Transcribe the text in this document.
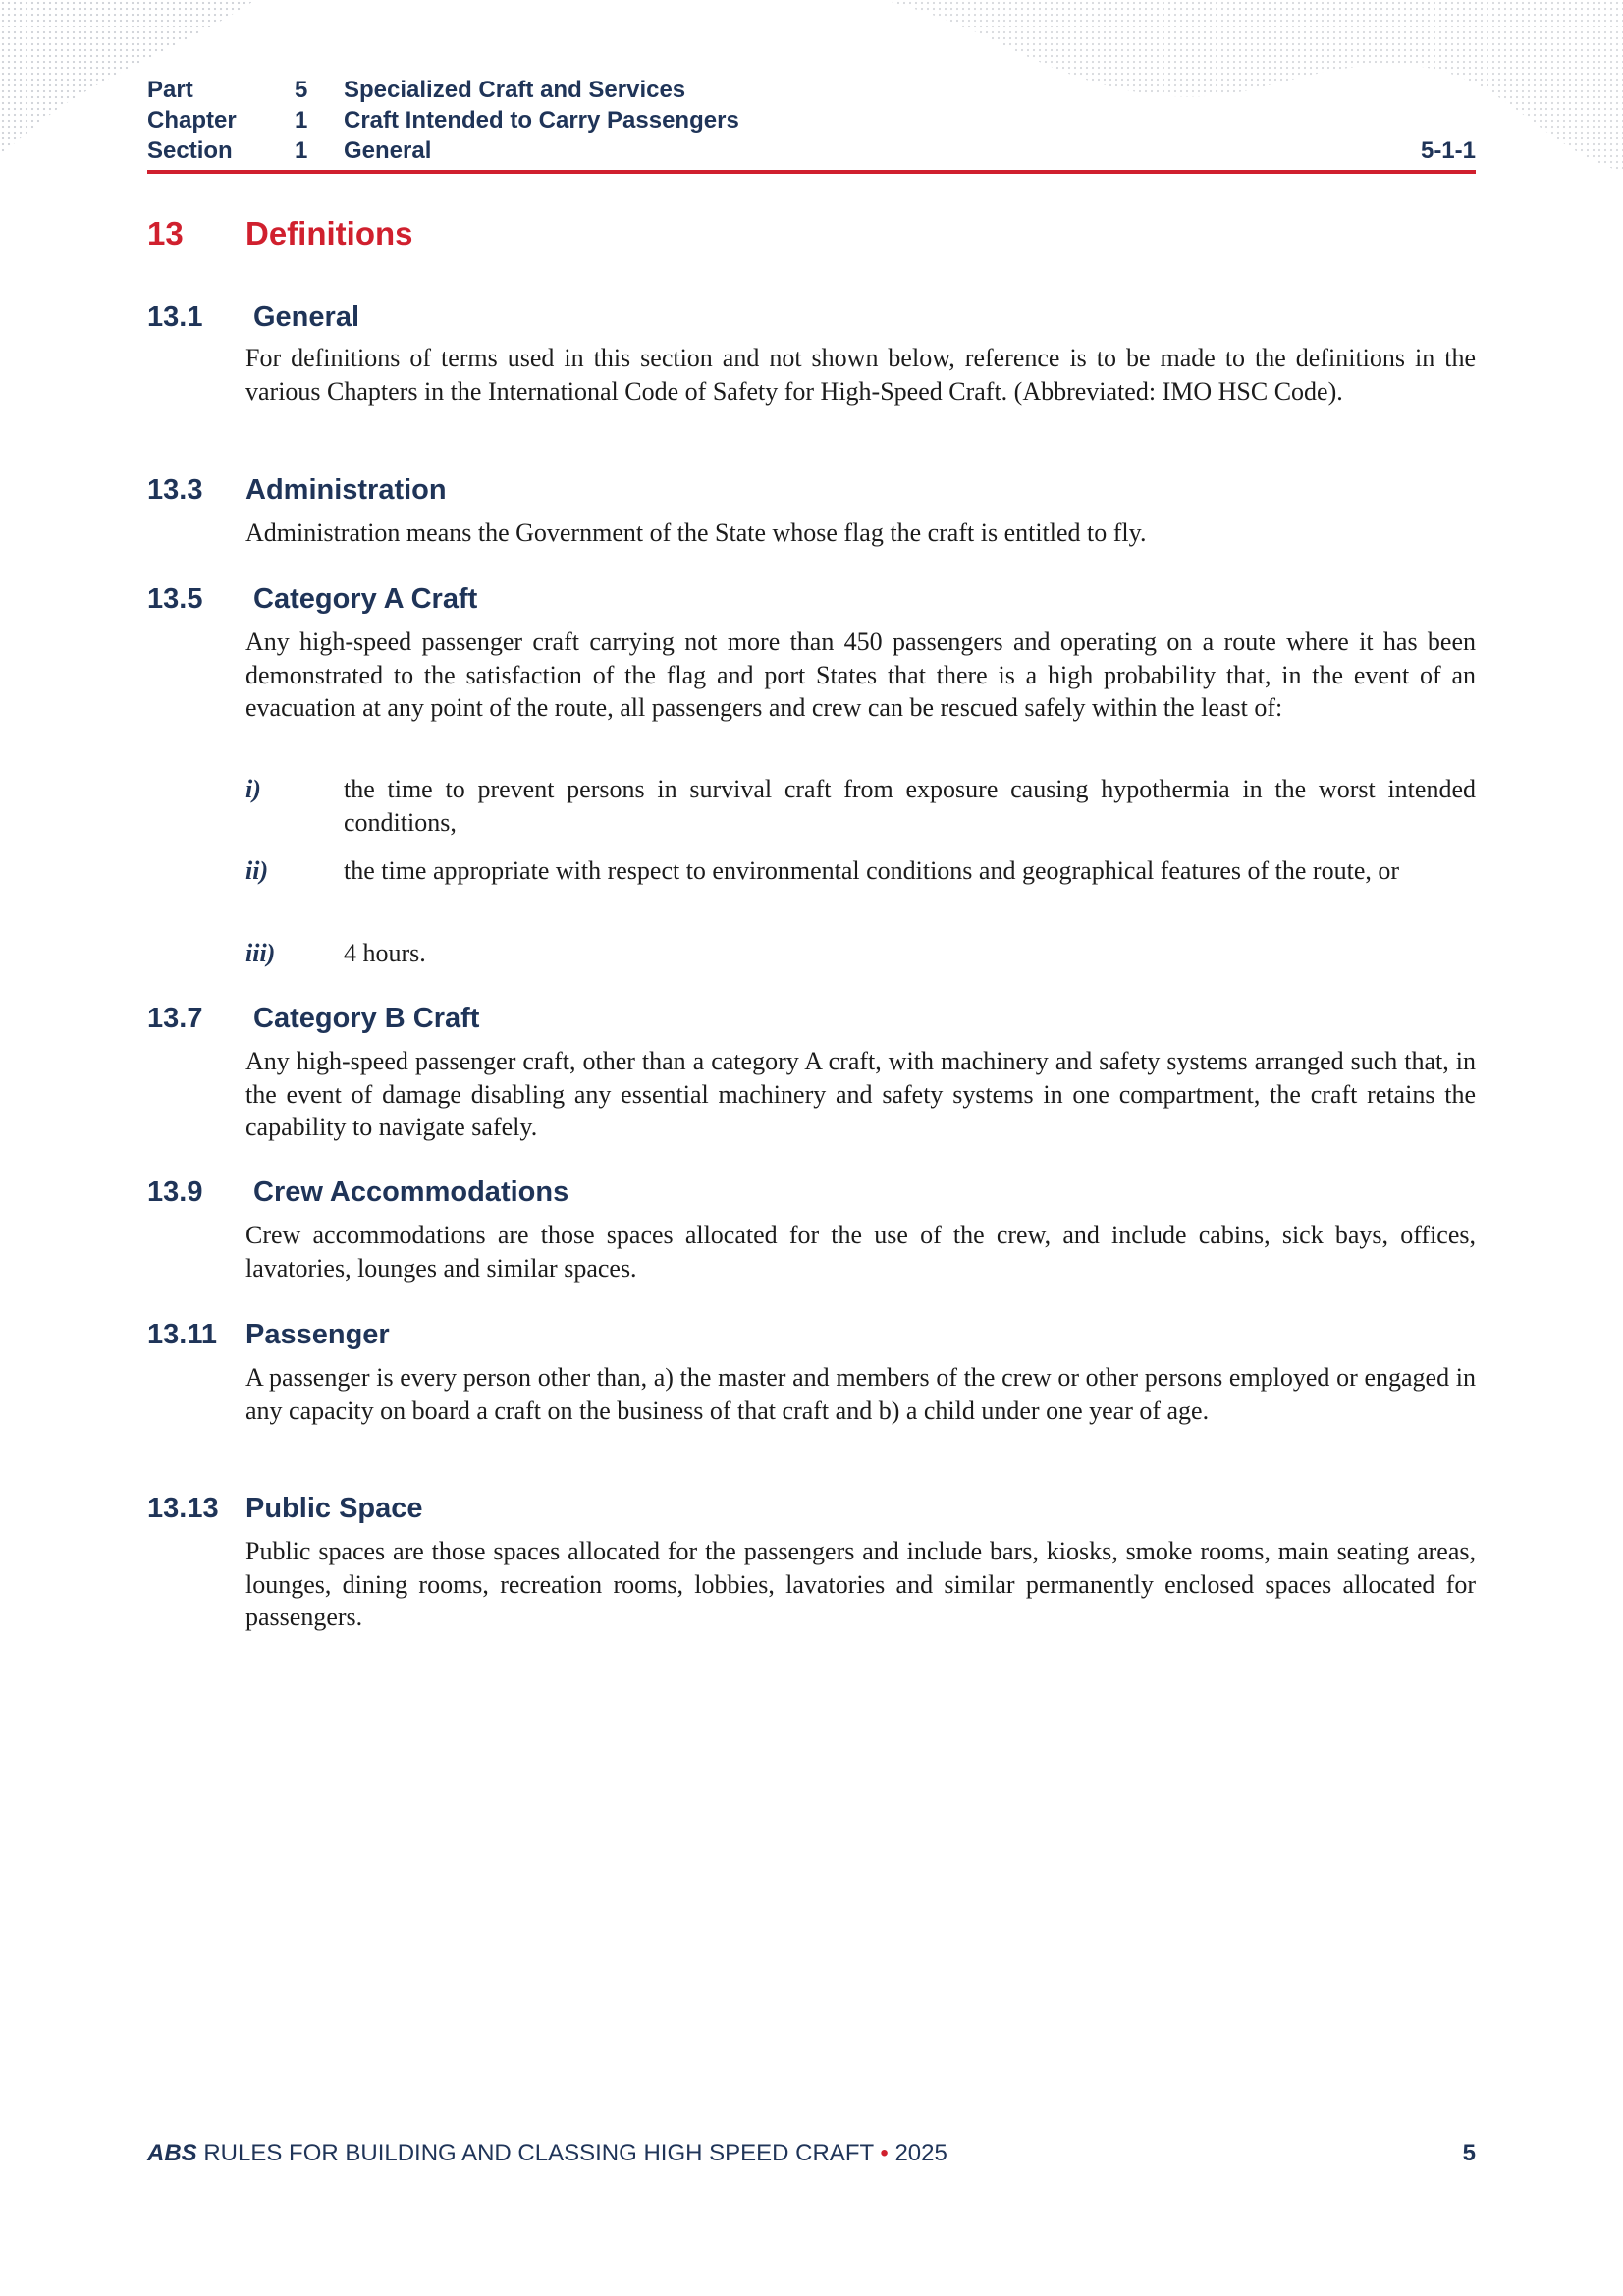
Part	5 Specialized Craft and Services
Chapter 1 Craft Intended to Carry Passengers
Section	1 General	5-1-1
13 Definitions
13.1 General

For definitions of terms used in this section and not shown below, reference is to be made to the definitions in the various Chapters in the International Code of Safety for High-Speed Craft. (Abbreviated: IMO HSC Code).

13.3 Administration

Administration means the Government of the State whose flag the craft is entitled to fly.

13.5 Category A Craft

Any high-speed passenger craft carrying not more than 450 passengers and operating on a route where it has been demonstrated to the satisfaction of the flag and port States that there is a high probability that, in the event of an evacuation at any point of the route, all passengers and crew can be rescued safely within the least of:

i)	the time to prevent persons in survival craft from exposure causing hypothermia in the worst intended conditions,
ii)	the time appropriate with respect to environmental conditions and geographical features of the route, or
iii)	4 hours.
13.7 Category B Craft

Any high-speed passenger craft, other than a category A craft, with machinery and safety systems arranged such that, in the event of damage disabling any essential machinery and safety systems in one compartment, the craft retains the capability to navigate safely.

13.9 Crew Accommodations

Crew accommodations are those spaces allocated for the use of the crew, and include cabins, sick bays, offices, lavatories, lounges and similar spaces.

13.11 Passenger

A passenger is every person other than, a) the master and members of the crew or other persons employed or engaged in any capacity on board a craft on the business of that craft and b) a child under one year of age.

13.13 Public Space

Public spaces are those spaces allocated for the passengers and include bars, kiosks, smoke rooms, main seating areas, lounges, dining rooms, recreation rooms, lobbies, lavatories and similar permanently enclosed spaces allocated for passengers.

ABS RULES FOR BUILDING AND CLASSING HIGH SPEED CRAFT • 2025	5
